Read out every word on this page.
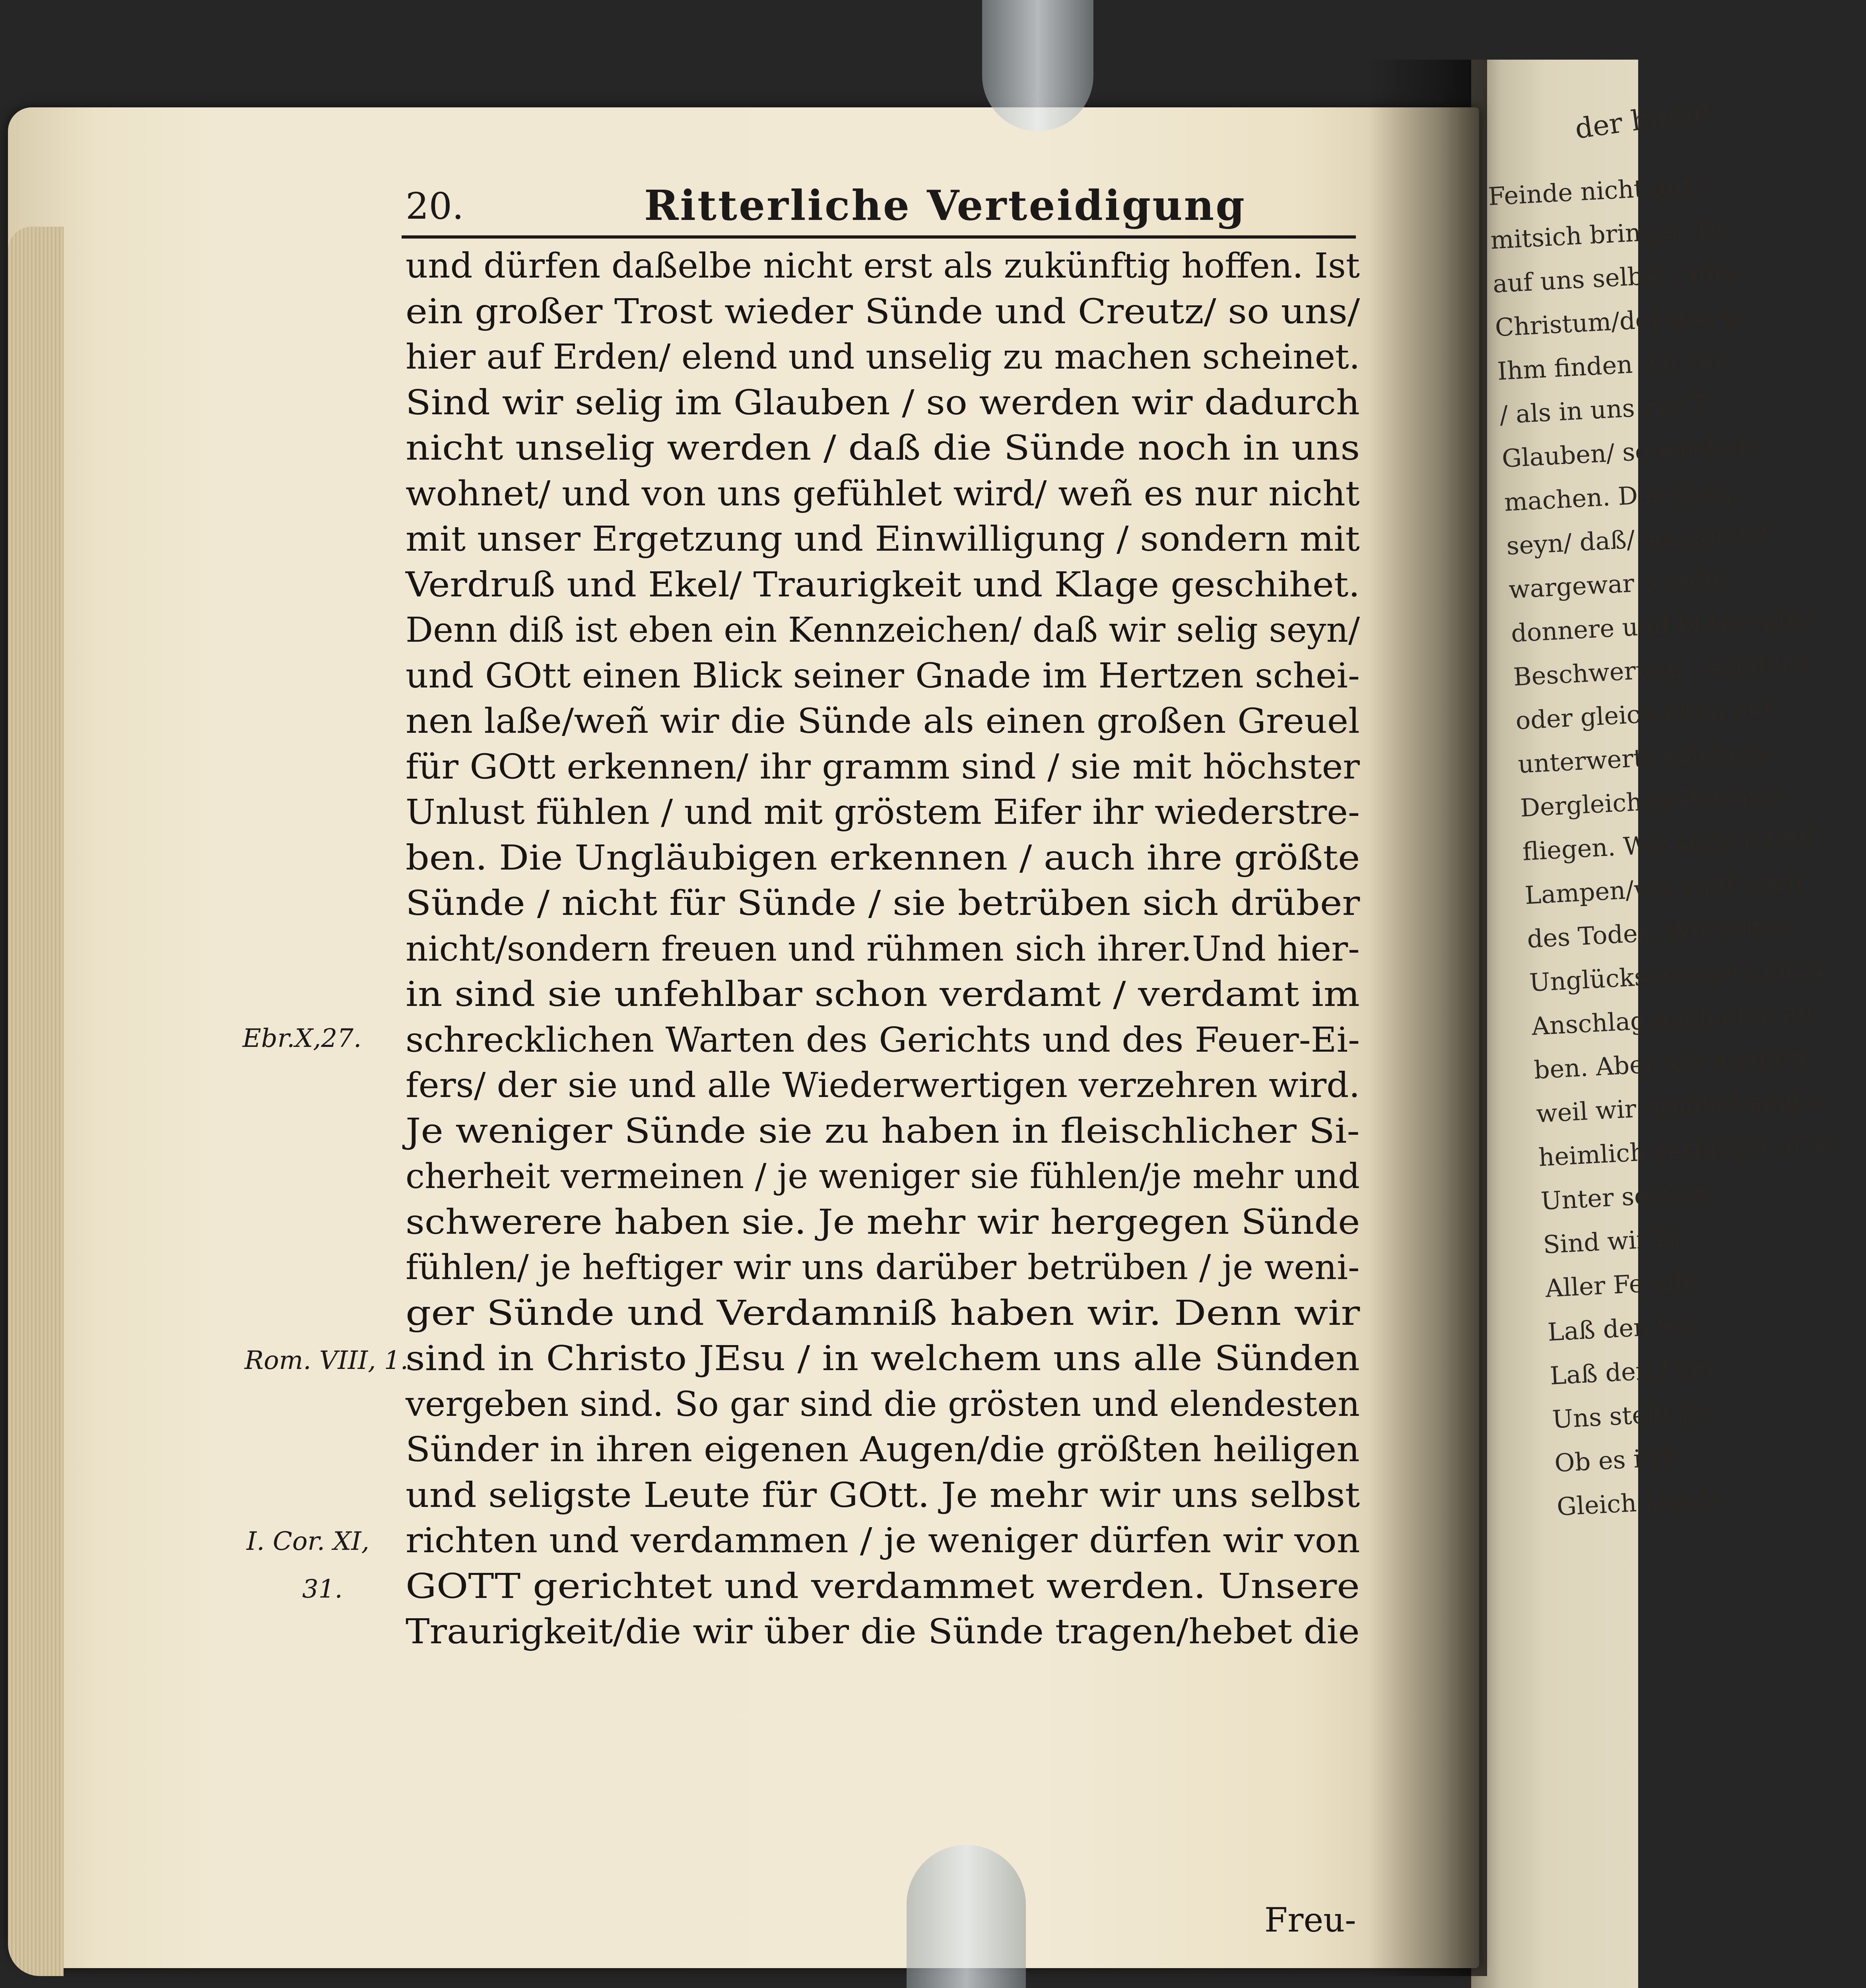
der himm
Feinde nicht auf /
mitsich bringet. De
auf uns selbst / uns
Christum/der uns g
Ihm finden wir tau
/ als in uns zur T
Glauben/ so wird un
machen. Der Berg
seyn/ daß/ so jemand
wargewar werde/
donnere und blitze/ aber
Beschwerung / sondern
oder gleich eben auf
unterwerts solchem
Dergleichen Bewand
fliegen. Wir stehen und
Lampen/wir sind noch
des Todes. Wir sehen
Unglücks-wetter tobe u
Anschlag nach dem an
ben. Aber wir werden
weil wir erhöhet sind a
heimlich verbirget in se
Unter seinem
Sind wir fü
Aller Feinde
Laß den Sat
Laß den Fein
Uns steht Je
Ob es itzt
Gleich krach

20.	Ritterliche Verteidigung
und dürfen daßelbe nicht erst als zukünftig hoffen. Ist
ein großer Trost wieder Sünde und Creutz/ so uns/
hier auf Erden/ elend und unselig zu machen scheinet.
Sind wir selig im Glauben / so werden wir dadurch
nicht unselig werden / daß die Sünde noch in uns
wohnet/ und von uns gefühlet wird/ weñ es nur nicht
mit unser Ergetzung und Einwilligung / sondern mit
Verdruß und Ekel/ Traurigkeit und Klage geschihet.
Denn diß ist eben ein Kennzeichen/ daß wir selig seyn/
und GOtt einen Blick seiner Gnade im Hertzen schei-
nen laße/weñ wir die Sünde als einen großen Greuel
für GOtt erkennen/ ihr gramm sind / sie mit höchster
Unlust fühlen / und mit gröstem Eifer ihr wiederstre-
ben. Die Ungläubigen erkennen / auch ihre größte
Sünde / nicht für Sünde / sie betrüben sich drüber
nicht/sondern freuen und rühmen sich ihrer.Und hier-
in sind sie unfehlbar schon verdamt / verdamt im
schrecklichen Warten des Gerichts und des Feuer-Ei-
fers/ der sie und alle Wiederwertigen verzehren wird.
Je weniger Sünde sie zu haben in fleischlicher Si-
cherheit vermeinen / je weniger sie fühlen/je mehr und
schwerere haben sie. Je mehr wir hergegen Sünde
fühlen/ je heftiger wir uns darüber betrüben / je weni-
ger Sünde und Verdamniß haben wir. Denn wir
sind in Christo JEsu / in welchem uns alle Sünden
vergeben sind. So gar sind die grösten und elendesten
Sünder in ihren eigenen Augen/die größten heiligen
und seligste Leute für GOtt. Je mehr wir uns selbst
richten und verdammen / je weniger dürfen wir von
GOTT gerichtet und verdammet werden. Unsere
Traurigkeit/die wir über die Sünde tragen/hebet die
Freu-
Ebr.X,27.
Rom. VIII, 1.
I. Cor. XI,
31.
